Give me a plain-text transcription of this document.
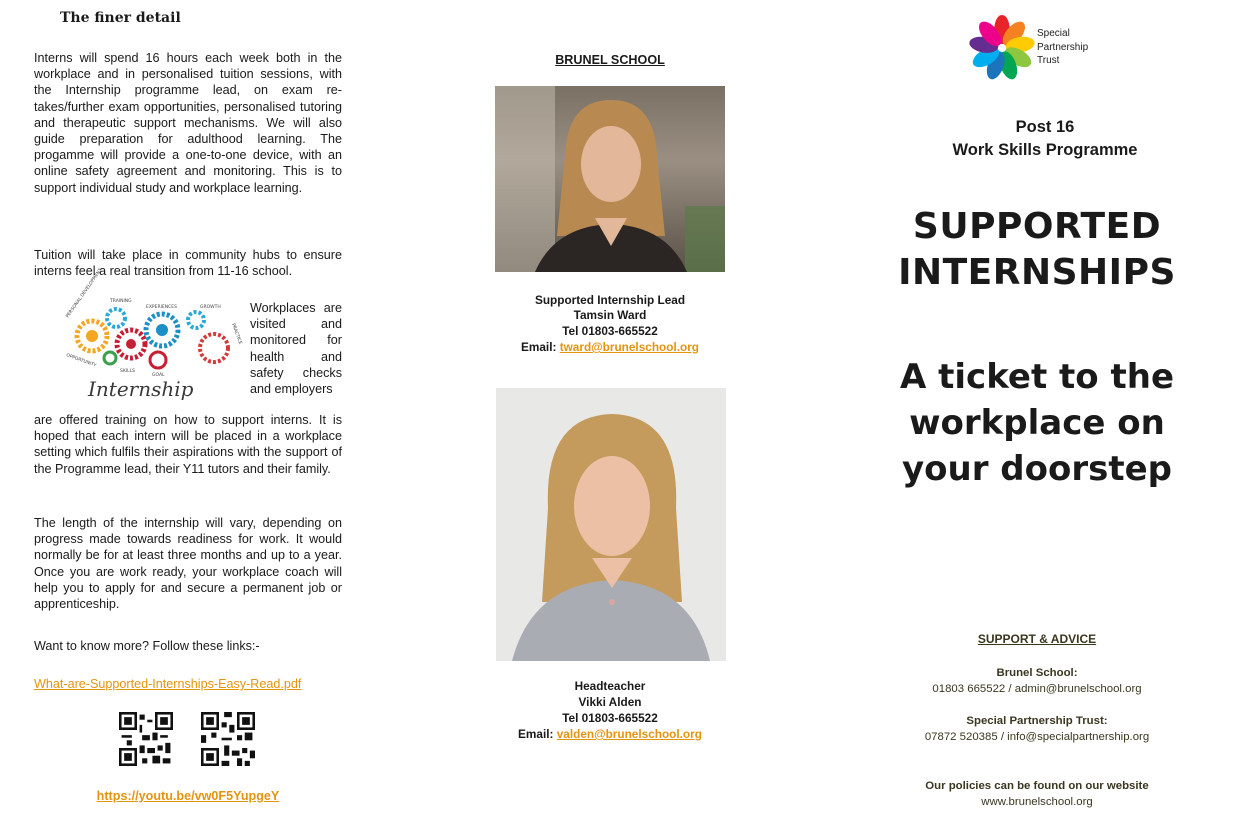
The finer detail

Interns will spend 16 hours each week both in the workplace and in personalised tuition sessions, with the Internship programme lead, on exam re-takes/further exam opportunities, personalised tutoring and therapeutic support mechanisms. We will also guide preparation for adulthood learning. The progamme will provide a one-to-one device, with an online safety agreement and monitoring. This is to support individual study and workplace learning.

Tuition will take place in community hubs to ensure interns feel a real transition from 11-16 school.

PERSONAL DEVELOPMENT TRAINING
EXPERIENCES	GROWTH
OPPORTUNITY
SKILLS
GOAL
PRACTICE
Internship

Workplaces are visited and monitored for health and safety checks and employers

are offered training on how to support interns. It is hoped that each intern will be placed in a workplace setting which fulfils their aspirations with the support of the Programme lead, their Y11 tutors and their family.

The length of the internship will vary, depending on progress made towards readiness for work. It would normally be for at least three months and up to a year. Once you are work ready, your workplace coach will help you to apply for and secure a permanent job or apprenticeship.

Want to know more? Follow these links:-

What-are-Supported-Internships-Easy-Read.pdf
https://youtu.be/vw0F5YupgeY
BRUNEL SCHOOL
Supported Internship Lead
Tamsin Ward
Tel 01803-665522
Email: tward@brunelschool.org
Headteacher
Vikki Alden
Tel 01803-665522
Email: valden@brunelschool.org
Special
Partnership
Trust
Post 16
Work Skills Programme
SUPPORTED
INTERNSHIPS
A ticket to the
workplace on
your doorstep
SUPPORT & ADVICE
Brunel School:
01803 665522 / admin@brunelschool.org
Special Partnership Trust:
07872 520385 / info@specialpartnership.org
Our policies can be found on our website
www.brunelschool.org
